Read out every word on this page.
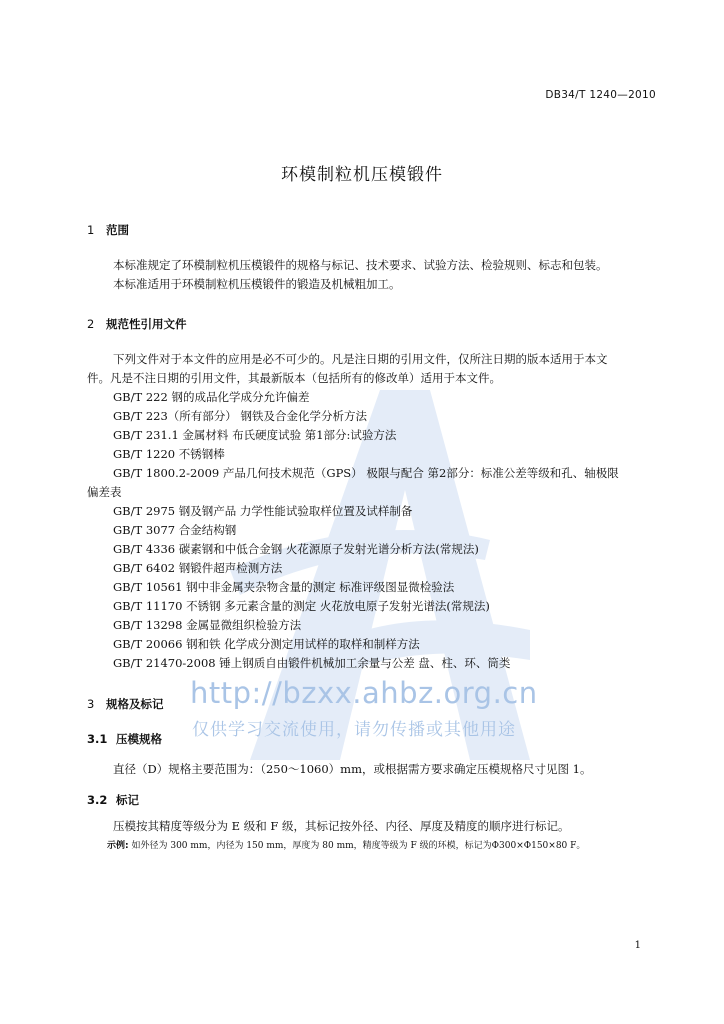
DB34/T 1240—2010
环模制粒机压模锻件
1 范围
本标准规定了环模制粒机压模锻件的规格与标记、技术要求、试验方法、检验规则、标志和包装。
本标准适用于环模制粒机压模锻件的锻造及机械粗加工。
2 规范性引用文件
下列文件对于本文件的应用是必不可少的。凡是注日期的引用文件，仅所注日期的版本适用于本文
件。凡是不注日期的引用文件，其最新版本（包括所有的修改单）适用于本文件。
GB/T 222 钢的成品化学成分允许偏差
GB/T 223（所有部分） 钢铁及合金化学分析方法
GB/T 231.1 金属材料 布氏硬度试验 第1部分:试验方法
GB/T 1220 不锈钢棒
GB/T 1800.2-2009 产品几何技术规范（GPS） 极限与配合 第2部分：标准公差等级和孔、轴极限
偏差表
GB/T 2975 钢及钢产品 力学性能试验取样位置及试样制备
GB/T 3077 合金结构钢
GB/T 4336 碳素钢和中低合金钢 火花源原子发射光谱分析方法(常规法)
GB/T 6402 钢锻件超声检测方法
GB/T 10561 钢中非金属夹杂物含量的测定 标准评级图显微检验法
GB/T 11170 不锈钢 多元素含量的测定 火花放电原子发射光谱法(常规法)
GB/T 13298 金属显微组织检验方法
GB/T 20066 钢和铁 化学成分测定用试样的取样和制样方法
GB/T 21470-2008 锤上钢质自由锻件机械加工余量与公差 盘、柱、环、筒类
3 规格及标记
3.1 压模规格
直径（D）规格主要范围为：（250～1060）mm，或根据需方要求确定压模规格尺寸见图 1。
3.2 标记
压模按其精度等级分为 E 级和 F 级，其标记按外径、内径、厚度及精度的顺序进行标记。
示例: 如外径为 300 mm，内径为 150 mm，厚度为 80 mm，精度等级为 F 级的环模，标记为Φ300×Φ150×80 F。
http://bzxx.ahbz.org.cn
仅供学习交流使用，请勿传播或其他用途
1
